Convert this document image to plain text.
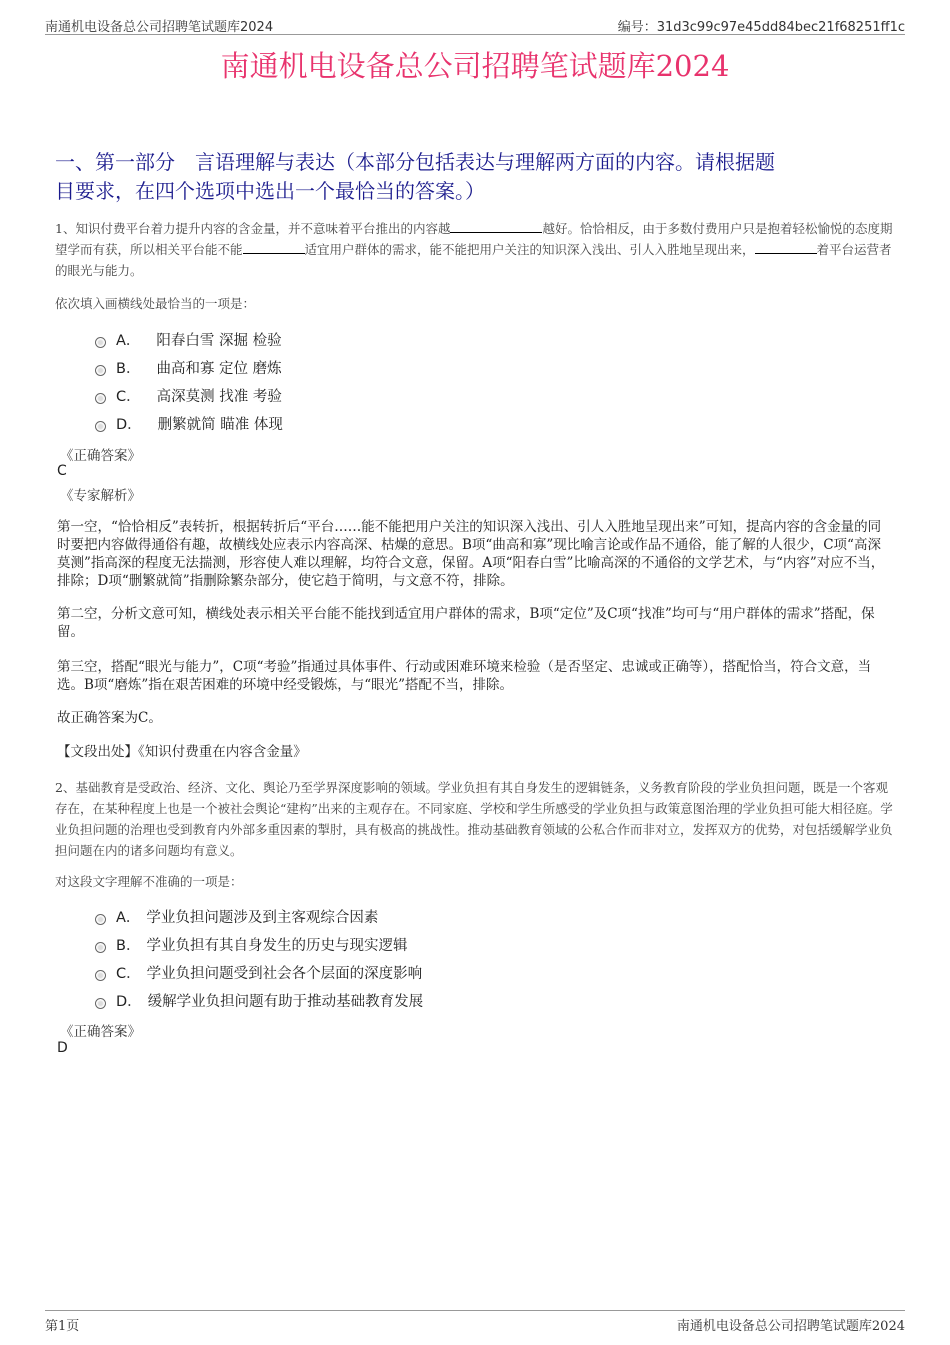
南通机电设备总公司招聘笔试题库2024	编号：31d3c99c97e45dd84bec21f68251ff1c
南通机电设备总公司招聘笔试题库2024
一、第一部分　言语理解与表达（本部分包括表达与理解两方面的内容。请根据题
目要求，在四个选项中选出一个最恰当的答案。）
1、知识付费平台着力提升内容的含金量，并不意味着平台推出的内容越	越好。恰恰相反，由于多数付费用户只是抱着轻松愉悦的态度期望学而有获，所以相关平台能不能	适宜用户群体的需求，能不能把用户关注的知识深入浅出、引人入胜地呈现出来，	着平台运营者的眼光与能力。
依次填入画横线处最恰当的一项是：
A． 阳春白雪 深掘 检验
B． 曲高和寡 定位 磨炼
C． 高深莫测 找准 考验
D． 删繁就简 瞄准 体现
《正确答案》
C
《专家解析》
第一空，“恰恰相反”表转折，根据转折后“平台……能不能把用户关注的知识深入浅出、引人入胜地呈现出来”可知，提高内容的含金量的同时要把内容做得通俗有趣，故横线处应表示内容高深、枯燥的意思。B项“曲高和寡”现比喻言论或作品不通俗，能了解的人很少，C项“高深莫测”指高深的程度无法揣测，形容使人难以理解，均符合文意，保留。A项“阳春白雪”比喻高深的不通俗的文学艺术，与“内容”对应不当，排除；D项“删繁就简”指删除繁杂部分，使它趋于简明，与文意不符，排除。
第二空，分析文意可知，横线处表示相关平台能不能找到适宜用户群体的需求，B项“定位”及C项“找准”均可与“用户群体的需求”搭配，保留。
第三空，搭配“眼光与能力”，C项“考验”指通过具体事件、行动或困难环境来检验（是否坚定、忠诚或正确等），搭配恰当，符合文意，当选。B项“磨炼”指在艰苦困难的环境中经受锻炼，与“眼光”搭配不当，排除。
故正确答案为C。
【文段出处】《知识付费重在内容含金量》
2、基础教育是受政治、经济、文化、舆论乃至学界深度影响的领域。学业负担有其自身发生的逻辑链条，义务教育阶段的学业负担问题，既是一个客观存在，在某种程度上也是一个被社会舆论“建构”出来的主观存在。不同家庭、学校和学生所感受的学业负担与政策意图治理的学业负担可能大相径庭。学业负担问题的治理也受到教育内外部多重因素的掣肘，具有极高的挑战性。推动基础教育领域的公私合作而非对立，发挥双方的优势，对包括缓解学业负担问题在内的诸多问题均有意义。
对这段文字理解不准确的一项是：
A． 学业负担问题涉及到主客观综合因素
B． 学业负担有其自身发生的历史与现实逻辑
C． 学业负担问题受到社会各个层面的深度影响
D． 缓解学业负担问题有助于推动基础教育发展
《正确答案》
D
第1页	南通机电设备总公司招聘笔试题库2024
